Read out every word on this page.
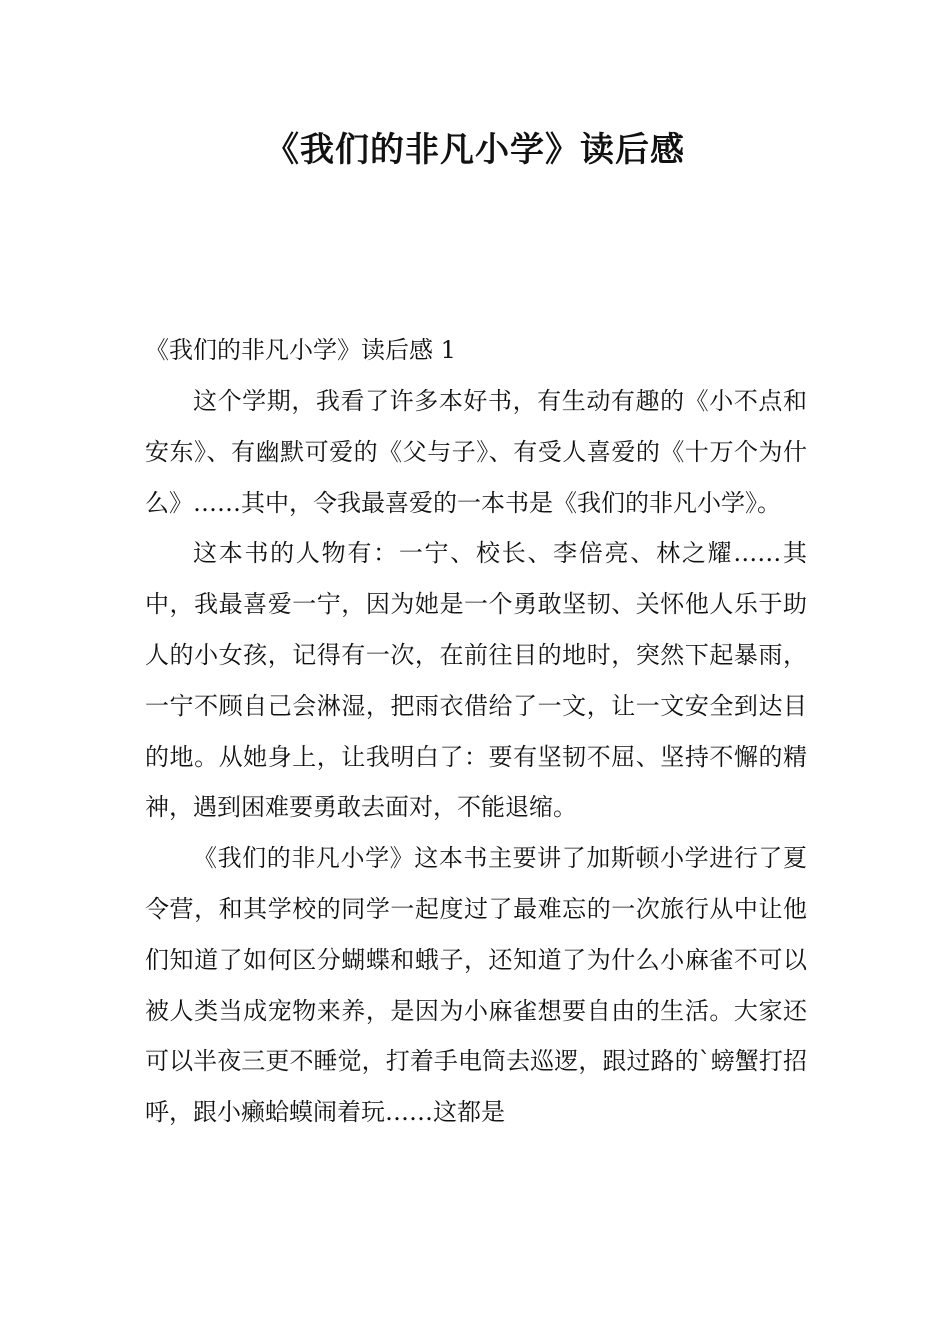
《我们的非凡小学》读后感
《我们的非凡小学》读后感 1

这个学期，我看了许多本好书，有生动有趣的《小不点和安东》、有幽默可爱的《父与子》、有受人喜爱的《十万个为什么》……其中，令我最喜爱的一本书是《我们的非凡小学》。

这本书的人物有：一宁、校长、李倍亮、林之耀……其中，我最喜爱一宁，因为她是一个勇敢坚韧、关怀他人乐于助人的小女孩，记得有一次，在前往目的地时，突然下起暴雨，一宁不顾自己会淋湿，把雨衣借给了一文，让一文安全到达目的地。从她身上，让我明白了：要有坚韧不屈、坚持不懈的精神，遇到困难要勇敢去面对，不能退缩。

《我们的非凡小学》这本书主要讲了加斯顿小学进行了夏令营，和其学校的同学一起度过了最难忘的一次旅行从中让他们知道了如何区分蝴蝶和蛾子，还知道了为什么小麻雀不可以被人类当成宠物来养，是因为小麻雀想要自由的生活。大家还可以半夜三更不睡觉，打着手电筒去巡逻，跟过路的`螃蟹打招呼，跟小癞蛤蟆闹着玩……这都是
